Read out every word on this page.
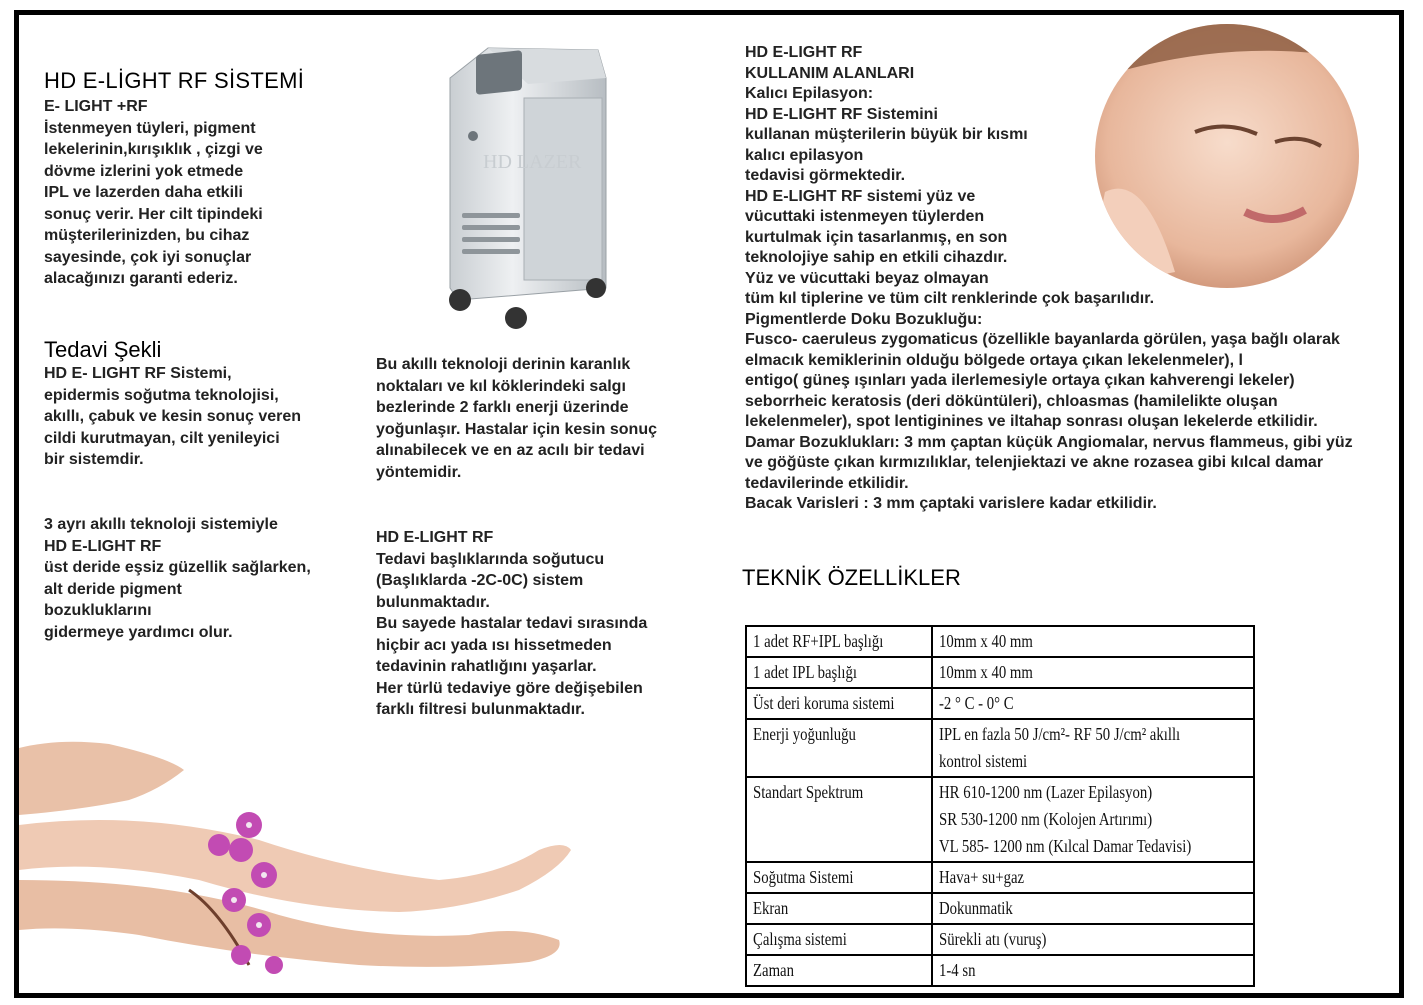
HD E-LİGHT RF SİSTEMİ
E- LIGHT +RF
İstenmeyen tüyleri, pigment
lekelerinin,kırışıklık , çizgi ve
dövme izlerini yok etmede
IPL ve lazerden daha etkili
sonuç verir. Her cilt tipindeki
müşterilerinizden, bu cihaz
sayesinde, çok iyi sonuçlar
alacağınızı garanti ederiz.
Tedavi Şekli
HD E- LIGHT RF Sistemi,
epidermis soğutma teknolojisi,
akıllı, çabuk ve kesin sonuç veren
cildi kurutmayan, cilt yenileyici
bir sistemdir.
3 ayrı akıllı teknoloji sistemiyle
HD E-LIGHT RF
üst deride eşsiz güzellik sağlarken,
alt deride pigment
bozukluklarını
gidermeye yardımcı olur.
HD LAZER
Bu akıllı teknoloji derinin karanlık
noktaları ve kıl köklerindeki salgı
bezlerinde 2 farklı enerji üzerinde
yoğunlaşır. Hastalar için kesin sonuç
alınabilecek ve en az acılı bir tedavi
yöntemidir.
HD E-LIGHT RF
Tedavi başlıklarında soğutucu
(Başlıklarda -2C-0C) sistem
bulunmaktadır.
Bu sayede hastalar tedavi sırasında
hiçbir acı yada ısı hissetmeden
tedavinin rahatlığını yaşarlar.
Her türlü tedaviye göre değişebilen
farklı filtresi bulunmaktadır.
HD E-LIGHT RF
KULLANIM ALANLARI
Kalıcı Epilasyon:
HD E-LIGHT RF Sistemini
kullanan müşterilerin büyük bir kısmı
kalıcı epilasyon
tedavisi görmektedir.
HD E-LIGHT RF sistemi yüz ve
vücuttaki istenmeyen tüylerden
kurtulmak için tasarlanmış, en son
teknolojiye sahip en etkili cihazdır.
Yüz ve vücuttaki beyaz olmayan
tüm kıl tiplerine ve tüm cilt renklerinde çok başarılıdır.
Pigmentlerde Doku Bozukluğu:
Fusco- caeruleus zygomaticus (özellikle bayanlarda görülen, yaşa bağlı olarak
elmacık kemiklerinin olduğu bölgede ortaya çıkan lekelenmeler), l
entigo( güneş ışınları yada ilerlemesiyle ortaya çıkan kahverengi lekeler)
seborrheic keratosis (deri döküntüleri), chloasmas (hamilelikte oluşan
lekelenmeler), spot lentiginines ve iltahap sonrası oluşan lekelerde etkilidir.
Damar Bozuklukları: 3 mm çaptan küçük Angiomalar, nervus flammeus, gibi yüz
ve göğüste çıkan kırmızılıklar, telenjiektazi ve akne rozasea gibi kılcal damar
tedavilerinde etkilidir.
Bacak Varisleri : 3 mm çaptaki varislere kadar etkilidir.
TEKNİK ÖZELLİKLER
1 adet RF+IPL başlığı	10mm x 40 mm
1 adet IPL başlığı	10mm x 40 mm
Üst deri koruma sistemi	-2 ° C - 0° C
Enerji yoğunluğu	IPL en fazla 50 J/cm²- RF 50 J/cm² akıllı
kontrol sistemi
Standart Spektrum	HR 610-1200 nm (Lazer Epilasyon)
SR 530-1200 nm (Kolojen Artırımı)
VL 585- 1200 nm (Kılcal Damar Tedavisi)
Soğutma Sistemi	Hava+ su+gaz
Ekran	Dokunmatik
Çalışma sistemi	Sürekli atı (vuruş)
Zaman	1-4 sn
